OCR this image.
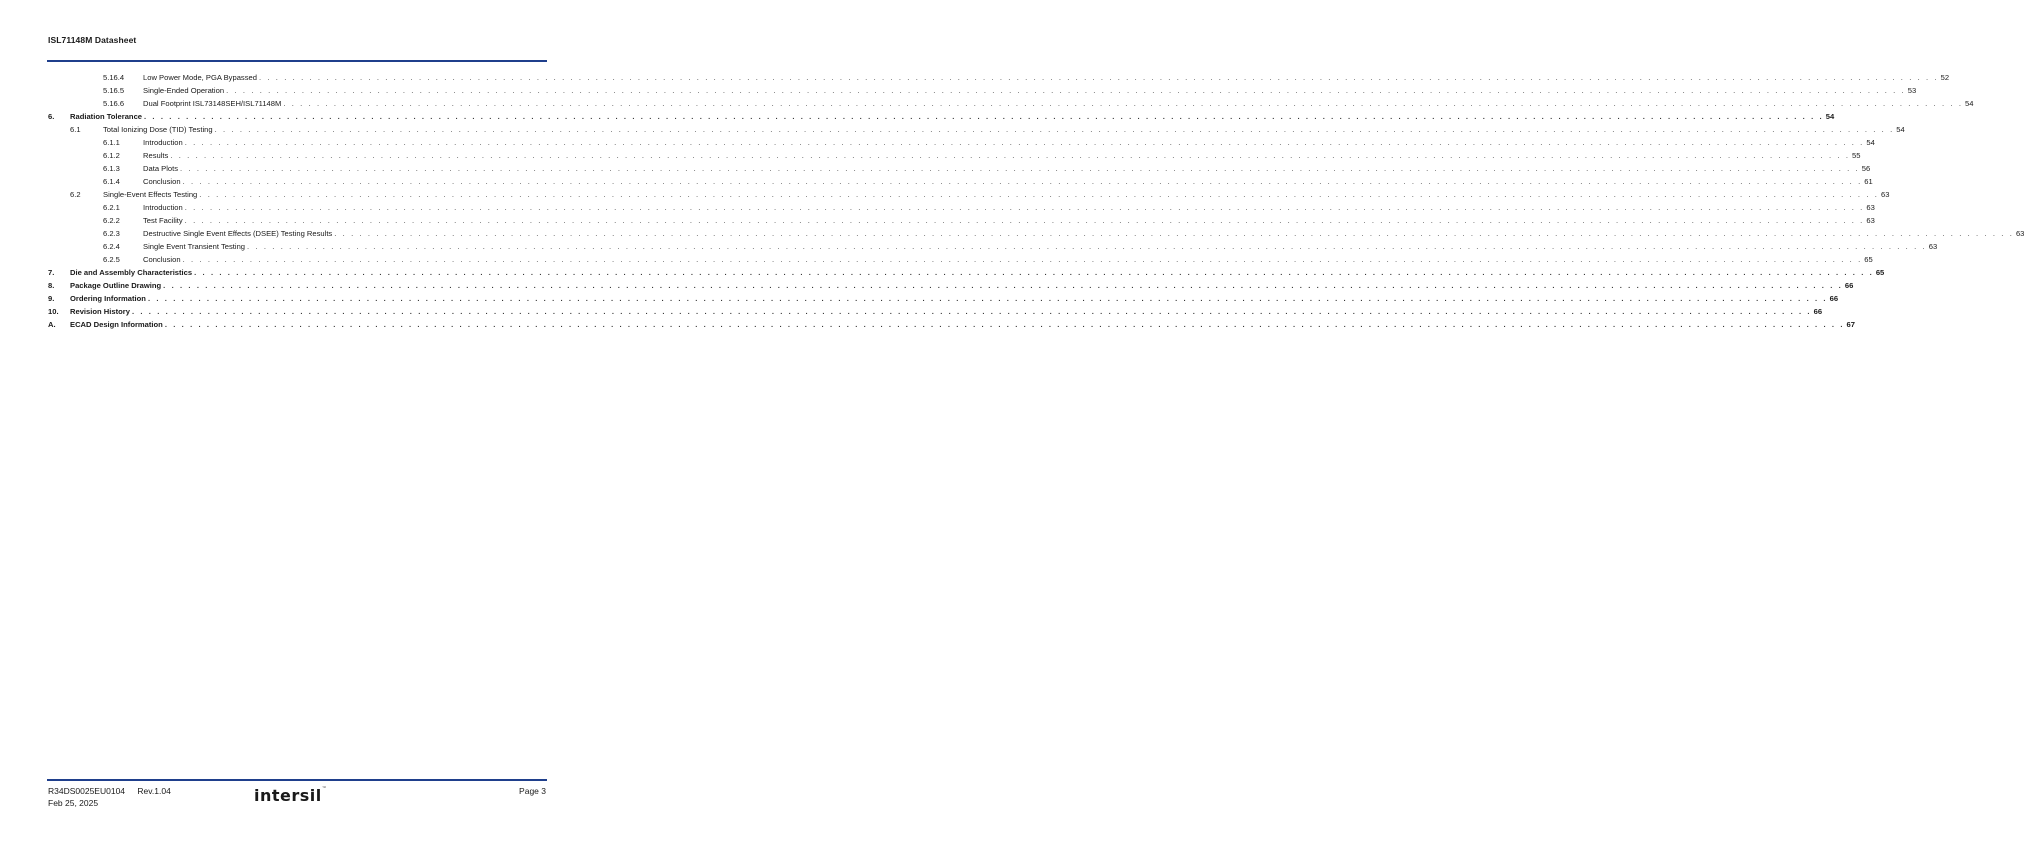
ISL71148M Datasheet
5.16.4 Low Power Mode, PGA Bypassed . . . . . . . . . . . . . . . . . . . . . . . . . . . . . . . . . . . . . . . . . . . . . . . . . . . . . . . . . . . . . . . . . . . . . . . . . . . . . . . . . . . . . . . . . . . . . . . . . . . . . . . . . . . . . . . . . . . . . . . . . . . . . . . . . . . . . . . . . . . . . . . . . . . . . . . . . . . . . . . . . . . . . . . . . . . . . . . . . . . . . . . . . . . . . . . . . . . . . . . . 52
5.16.5 Single-Ended Operation . . . . . . . . . . . . . . . . . . . . . . . . . . . . . . . . . . . . . . . . . . . . . . . . . . . . . . . . . . . . . . . . . . . . . . . . . . . . . . . . . . . . . . . . . . . . . . . . . . . . . . . . . . . . . . . . . . . . . . . . . . . . . . . . . . . . . . . . . . . . . . . . . . . . . . . . . . . . . . . . . . . . . . . . . . . . . . . . . . . . . . . . . . . . . . . . . . . . . . . . 53
5.16.6 Dual Footprint ISL73148SEH/ISL71148M . . . . . . . . . . . . . . . . . . . . . . . . . . . . . . . . . . . . . . . . . . . . . . . . . . . . . . . . . . . . . . . . . . . . . . . . . . . . . . . . . . . . . . . . . . . . . . . . . . . . . . . . . . . . . . . . . . . . . . . . . . . . . . . . . . . . . . . . . . . . . . . . . . . . . . . . . . . . . . . . . . . . . . . . . . . . . . . . . . . . . . . . . . . . . . . . . . . . . . . . 54
6. Radiation Tolerance . . . . . . . . . . . . . . . . . . . . . . . . . . . . . . . . . . . . . . . . . . . . . . . . . . . . . . . . . . . . . . . . . . . . . . . . . . . . . . . . . . . . . . . . . . . . . . . . . . . . . . . . . . . . . . . . . . . . . . . . . . . . . . . . . . . . . . . . . . . . . . . . . . . . . . . . . . . . . . . . . . . . . . . . . . . . . . . . . . . . . . . . . . . . . . . . . . . . . . . . 54
6.1	Total Ionizing Dose (TID) Testing . . . . . . . . . . . . . . . . . . . . . . . . . . . . . . . . . . . . . . . . . . . . . . . . . . . . . . . . . . . . . . . . . . . . . . . . . . . . . . . . . . . . . . . . . . . . . . . . . . . . . . . . . . . . . . . . . . . . . . . . . . . . . . . . . . . . . . . . . . . . . . . . . . . . . . . . . . . . . . . . . . . . . . . . . . . . . . . . . . . . . . . . . . . . . . . . . . . . . . . . 54
6.1.1	Introduction . . . . . . . . . . . . . . . . . . . . . . . . . . . . . . . . . . . . . . . . . . . . . . . . . . . . . . . . . . . . . . . . . . . . . . . . . . . . . . . . . . . . . . . . . . . . . . . . . . . . . . . . . . . . . . . . . . . . . . . . . . . . . . . . . . . . . . . . . . . . . . . . . . . . . . . . . . . . . . . . . . . . . . . . . . . . . . . . . . . . . . . . . . . . . . . . . . . . . . . . 54
6.1.2	Results . . . . . . . . . . . . . . . . . . . . . . . . . . . . . . . . . . . . . . . . . . . . . . . . . . . . . . . . . . . . . . . . . . . . . . . . . . . . . . . . . . . . . . . . . . . . . . . . . . . . . . . . . . . . . . . . . . . . . . . . . . . . . . . . . . . . . . . . . . . . . . . . . . . . . . . . . . . . . . . . . . . . . . . . . . . . . . . . . . . . . . . . . . . . . . . . . . . . . . . . 55
6.1.3	Data Plots . . . . . . . . . . . . . . . . . . . . . . . . . . . . . . . . . . . . . . . . . . . . . . . . . . . . . . . . . . . . . . . . . . . . . . . . . . . . . . . . . . . . . . . . . . . . . . . . . . . . . . . . . . . . . . . . . . . . . . . . . . . . . . . . . . . . . . . . . . . . . . . . . . . . . . . . . . . . . . . . . . . . . . . . . . . . . . . . . . . . . . . . . . . . . . . . . . . . . . . . 56
6.1.4	Conclusion . . . . . . . . . . . . . . . . . . . . . . . . . . . . . . . . . . . . . . . . . . . . . . . . . . . . . . . . . . . . . . . . . . . . . . . . . . . . . . . . . . . . . . . . . . . . . . . . . . . . . . . . . . . . . . . . . . . . . . . . . . . . . . . . . . . . . . . . . . . . . . . . . . . . . . . . . . . . . . . . . . . . . . . . . . . . . . . . . . . . . . . . . . . . . . . . . . . . . . . . 61
6.2	Single-Event Effects Testing . . . . . . . . . . . . . . . . . . . . . . . . . . . . . . . . . . . . . . . . . . . . . . . . . . . . . . . . . . . . . . . . . . . . . . . . . . . . . . . . . . . . . . . . . . . . . . . . . . . . . . . . . . . . . . . . . . . . . . . . . . . . . . . . . . . . . . . . . . . . . . . . . . . . . . . . . . . . . . . . . . . . . . . . . . . . . . . . . . . . . . . . . . . . . . . . . . . . . . . . 63
6.2.1	Introduction . . . . . . . . . . . . . . . . . . . . . . . . . . . . . . . . . . . . . . . . . . . . . . . . . . . . . . . . . . . . . . . . . . . . . . . . . . . . . . . . . . . . . . . . . . . . . . . . . . . . . . . . . . . . . . . . . . . . . . . . . . . . . . . . . . . . . . . . . . . . . . . . . . . . . . . . . . . . . . . . . . . . . . . . . . . . . . . . . . . . . . . . . . . . . . . . . . . . . . . . 63
6.2.2	Test Facility . . . . . . . . . . . . . . . . . . . . . . . . . . . . . . . . . . . . . . . . . . . . . . . . . . . . . . . . . . . . . . . . . . . . . . . . . . . . . . . . . . . . . . . . . . . . . . . . . . . . . . . . . . . . . . . . . . . . . . . . . . . . . . . . . . . . . . . . . . . . . . . . . . . . . . . . . . . . . . . . . . . . . . . . . . . . . . . . . . . . . . . . . . . . . . . . . . . . . . . . 63
6.2.3	Destructive Single Event Effects (DSEE) Testing Results . . . . . . . . . . . . . . . . . . . . . . . . . . . . . . . . . . . . . . . . . . . . . . . . . . . . . . . . . . . . . . . . . . . . . . . . . . . . . . . . . . . . . . . . . . . . . . . . . . . . . . . . . . . . . . . . . . . . . . . . . . . . . . . . . . . . . . . . . . . . . . . . . . . . . . . . . . . . . . . . . . . . . . . . . . . . . . . . . . . . . . . . . . . . . . . . . . . . . . . . 63
6.2.4	Single Event Transient Testing . . . . . . . . . . . . . . . . . . . . . . . . . . . . . . . . . . . . . . . . . . . . . . . . . . . . . . . . . . . . . . . . . . . . . . . . . . . . . . . . . . . . . . . . . . . . . . . . . . . . . . . . . . . . . . . . . . . . . . . . . . . . . . . . . . . . . . . . . . . . . . . . . . . . . . . . . . . . . . . . . . . . . . . . . . . . . . . . . . . . . . . . . . . . . . . . . . . . . . . . 63
6.2.5	Conclusion . . . . . . . . . . . . . . . . . . . . . . . . . . . . . . . . . . . . . . . . . . . . . . . . . . . . . . . . . . . . . . . . . . . . . . . . . . . . . . . . . . . . . . . . . . . . . . . . . . . . . . . . . . . . . . . . . . . . . . . . . . . . . . . . . . . . . . . . . . . . . . . . . . . . . . . . . . . . . . . . . . . . . . . . . . . . . . . . . . . . . . . . . . . . . . . . . . . . . . . . 65
7. Die and Assembly Characteristics . . . . . . . . . . . . . . . . . . . . . . . . . . . . . . . . . . . . . . . . . . . . . . . . . . . . . . . . . . . . . . . . . . . . . . . . . . . . . . . . . . . . . . . . . . . . . . . . . . . . . . . . . . . . . . . . . . . . . . . . . . . . . . . . . . . . . . . . . . . . . . . . . . . . . . . . . . . . . . . . . . . . . . . . . . . . . . . . . . . . . . . . . . . . . . . . . . . . . . . . 65
8. Package Outline Drawing . . . . . . . . . . . . . . . . . . . . . . . . . . . . . . . . . . . . . . . . . . . . . . . . . . . . . . . . . . . . . . . . . . . . . . . . . . . . . . . . . . . . . . . . . . . . . . . . . . . . . . . . . . . . . . . . . . . . . . . . . . . . . . . . . . . . . . . . . . . . . . . . . . . . . . . . . . . . . . . . . . . . . . . . . . . . . . . . . . . . . . . . . . . . . . . . . . . . . . . . 66
9. Ordering Information . . . . . . . . . . . . . . . . . . . . . . . . . . . . . . . . . . . . . . . . . . . . . . . . . . . . . . . . . . . . . . . . . . . . . . . . . . . . . . . . . . . . . . . . . . . . . . . . . . . . . . . . . . . . . . . . . . . . . . . . . . . . . . . . . . . . . . . . . . . . . . . . . . . . . . . . . . . . . . . . . . . . . . . . . . . . . . . . . . . . . . . . . . . . . . . . . . . . . . . . 66
10. Revision History . . . . . . . . . . . . . . . . . . . . . . . . . . . . . . . . . . . . . . . . . . . . . . . . . . . . . . . . . . . . . . . . . . . . . . . . . . . . . . . . . . . . . . . . . . . . . . . . . . . . . . . . . . . . . . . . . . . . . . . . . . . . . . . . . . . . . . . . . . . . . . . . . . . . . . . . . . . . . . . . . . . . . . . . . . . . . . . . . . . . . . . . . . . . . . . . . . . . . . . . 66
A. ECAD Design Information . . . . . . . . . . . . . . . . . . . . . . . . . . . . . . . . . . . . . . . . . . . . . . . . . . . . . . . . . . . . . . . . . . . . . . . . . . . . . . . . . . . . . . . . . . . . . . . . . . . . . . . . . . . . . . . . . . . . . . . . . . . . . . . . . . . . . . . . . . . . . . . . . . . . . . . . . . . . . . . . . . . . . . . . . . . . . . . . . . . . . . . . . . . . . . . . . . . . . . . . 67
R34DS0025EU0104 Rev.1.04
Feb 25, 2025	intersil™	Page 3
